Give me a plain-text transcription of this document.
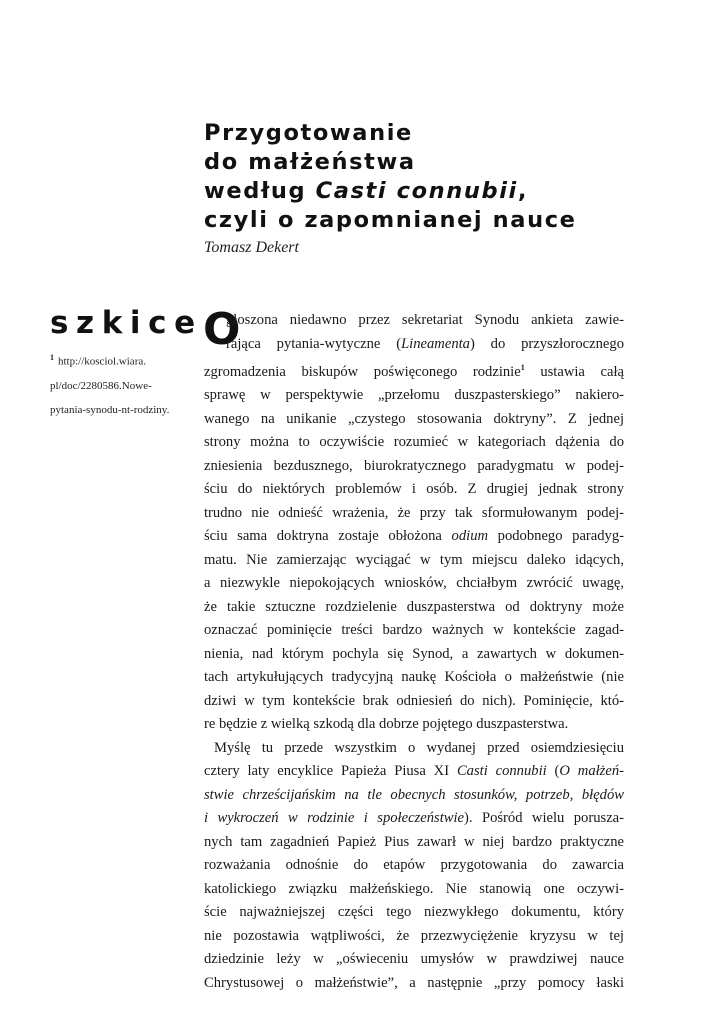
Przygotowanie
do małżeństwa
według Casti connubii,
czyli o zapomnianej nauce
Tomasz Dekert
szkice
$^1$ http://kosciol.wiara.
pl/doc/2280586.Nowe-
pytania-synodu-nt-rodziny.
O
głoszona niedawno przez sekretariat Synodu ankieta zawie-
rająca pytania-wytyczne (Lineamenta) do przyszłorocznego
zgromadzenia biskupów poświęconego rodzinie$^1$ ustawia całą
sprawę w perspektywie „przełomu duszpasterskiego” nakiero-
wanego na unikanie „czystego stosowania doktryny”. Z jednej
strony można to oczywiście rozumieć w kategoriach dążenia do
zniesienia bezdusznego, biurokratycznego paradygmatu w podej-
ściu do niektórych problemów i osób. Z drugiej jednak strony
trudno nie odnieść wrażenia, że przy tak sformułowanym podej-
ściu sama doktryna zostaje obłożona odium podobnego paradyg-
matu. Nie zamierzając wyciągać w tym miejscu daleko idących,
a niezwykle niepokojących wniosków, chciałbym zwrócić uwagę,
że takie sztuczne rozdzielenie duszpasterstwa od doktryny może
oznaczać pominięcie treści bardzo ważnych w kontekście zagad-
nienia, nad którym pochyla się Synod, a zawartych w dokumen-
tach artykułujących tradycyjną naukę Kościoła o małżeństwie (nie
dziwi w tym kontekście brak odniesień do nich). Pominięcie, któ-
re będzie z wielką szkodą dla dobrze pojętego duszpasterstwa.
Myślę tu przede wszystkim o wydanej przed osiemdziesięciu
cztery laty encyklice Papieża Piusa XI Casti connubii (O małżeń-
stwie chrześcijańskim na tle obecnych stosunków, potrzeb, błędów
i wykroczeń w rodzinie i społeczeństwie). Pośród wielu porusza-
nych tam zagadnień Papież Pius zawarł w niej bardzo praktyczne
rozważania odnośnie do etapów przygotowania do zawarcia
katolickiego związku małżeńskiego. Nie stanowią one oczywi-
ście najważniejszej części tego niezwykłego dokumentu, który
nie pozostawia wątpliwości, że przezwyciężenie kryzysu w tej
dziedzinie leży w „oświeceniu umysłów w prawdziwej nauce
Chrystusowej o małżeństwie”, a następnie „przy pomocy łaski
